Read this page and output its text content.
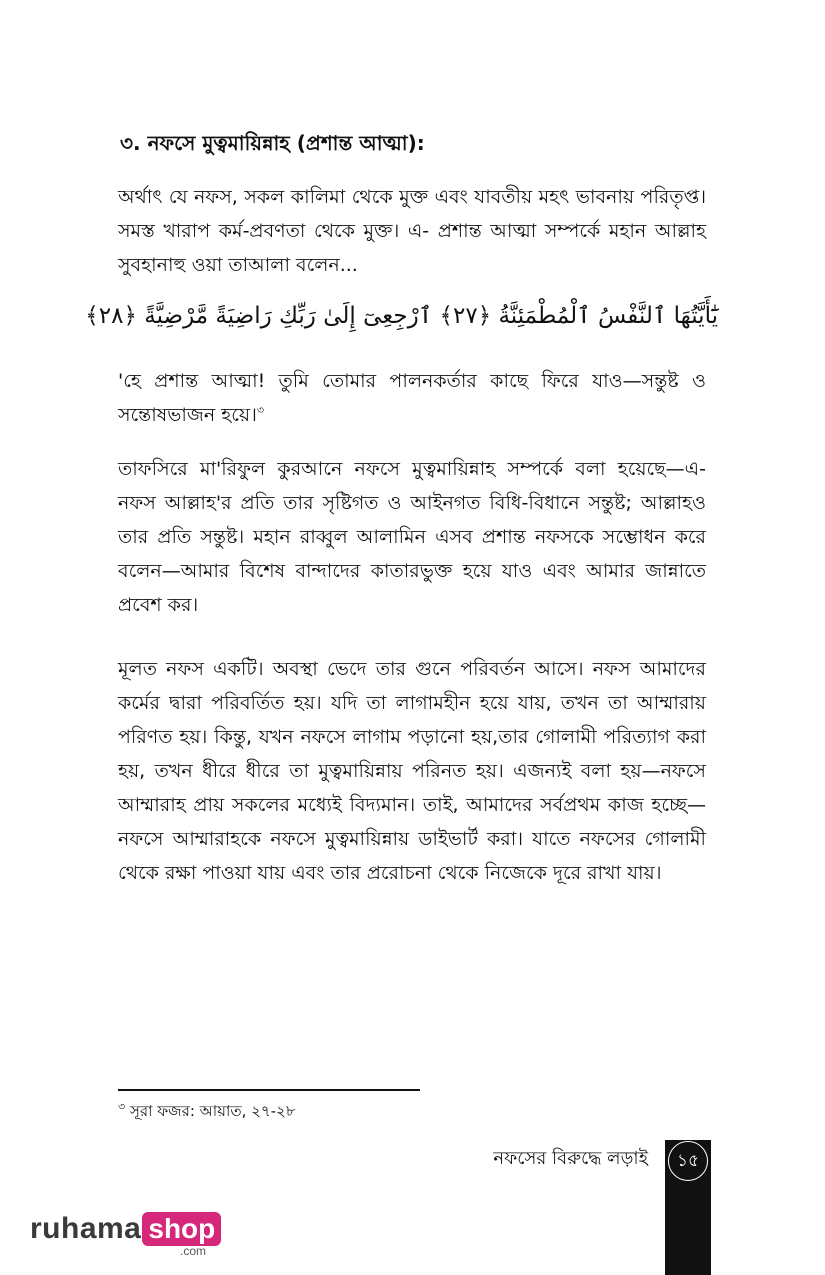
৩. নফসে মুত্বমায়িন্নাহ (প্রশান্ত আত্মা):

অর্থাৎ যে নফস, সকল কালিমা থেকে মুক্ত এবং যাবতীয় মহৎ ভাবনায় পরিতৃপ্ত। সমস্ত খারাপ কর্ম-প্রবণতা থেকে মুক্ত। এ- প্রশান্ত আত্মা সম্পর্কে মহান আল্লাহ সুবহানাহু ওয়া তাআলা বলেন...

يَٰٓأَيَّتُهَا ٱلنَّفْسُ ٱلْمُطْمَئِنَّةُ ﴿٢٧﴾ ٱرْجِعِىٓ إِلَىٰ رَبِّكِ رَاضِيَةً مَّرْضِيَّةً ﴿٢٨﴾

'হে প্রশান্ত আত্মা! তুমি তোমার পালনকর্তার কাছে ফিরে যাও—সন্তুষ্ট ও সন্তোষভাজন হয়ে।$^৩$

তাফসিরে মা'রিফুল কুরআনে নফসে মুত্বমায়িন্নাহ সম্পর্কে বলা হয়েছে—এ- নফস আল্লাহ'র প্রতি তার সৃষ্টিগত ও আইনগত বিধি-বিধানে সন্তুষ্ট; আল্লাহও তার প্রতি সন্তুষ্ট। মহান রাব্বুল আলামিন এসব প্রশান্ত নফসকে সম্ভোধন করে বলেন—আমার বিশেষ বান্দাদের কাতারভুক্ত হয়ে যাও এবং আমার জান্নাতে প্রবেশ কর।

মূলত নফস একটি। অবস্থা ভেদে তার গুনে পরিবর্তন আসে। নফস আমাদের কর্মের দ্বারা পরিবর্তিত হয়। যদি তা লাগামহীন হয়ে যায়, তখন তা আম্মারায় পরিণত হয়। কিন্তু, যখন নফসে লাগাম পড়ানো হয়,তার গোলামী পরিত্যাগ করা হয়, তখন ধীরে ধীরে তা মুত্বমায়িন্নায় পরিনত হয়। এজন্যই বলা হয়—নফসে আম্মারাহ প্রায় সকলের মধ্যেই বিদ্যমান। তাই, আমাদের সর্বপ্রথম কাজ হচ্ছে—নফসে আম্মারাহকে নফসে মুত্বমায়িন্নায় ডাইভার্ট করা। যাতে নফসের গোলামী থেকে রক্ষা পাওয়া যায় এবং তার প্ররোচনা থেকে নিজেকে দূরে রাখা যায়।

$^৩$ সূরা ফজর: আয়াত, ২৭-২৮
নফসের বিরুদ্ধে লড়াই	১৫
ruhama shop
.com
